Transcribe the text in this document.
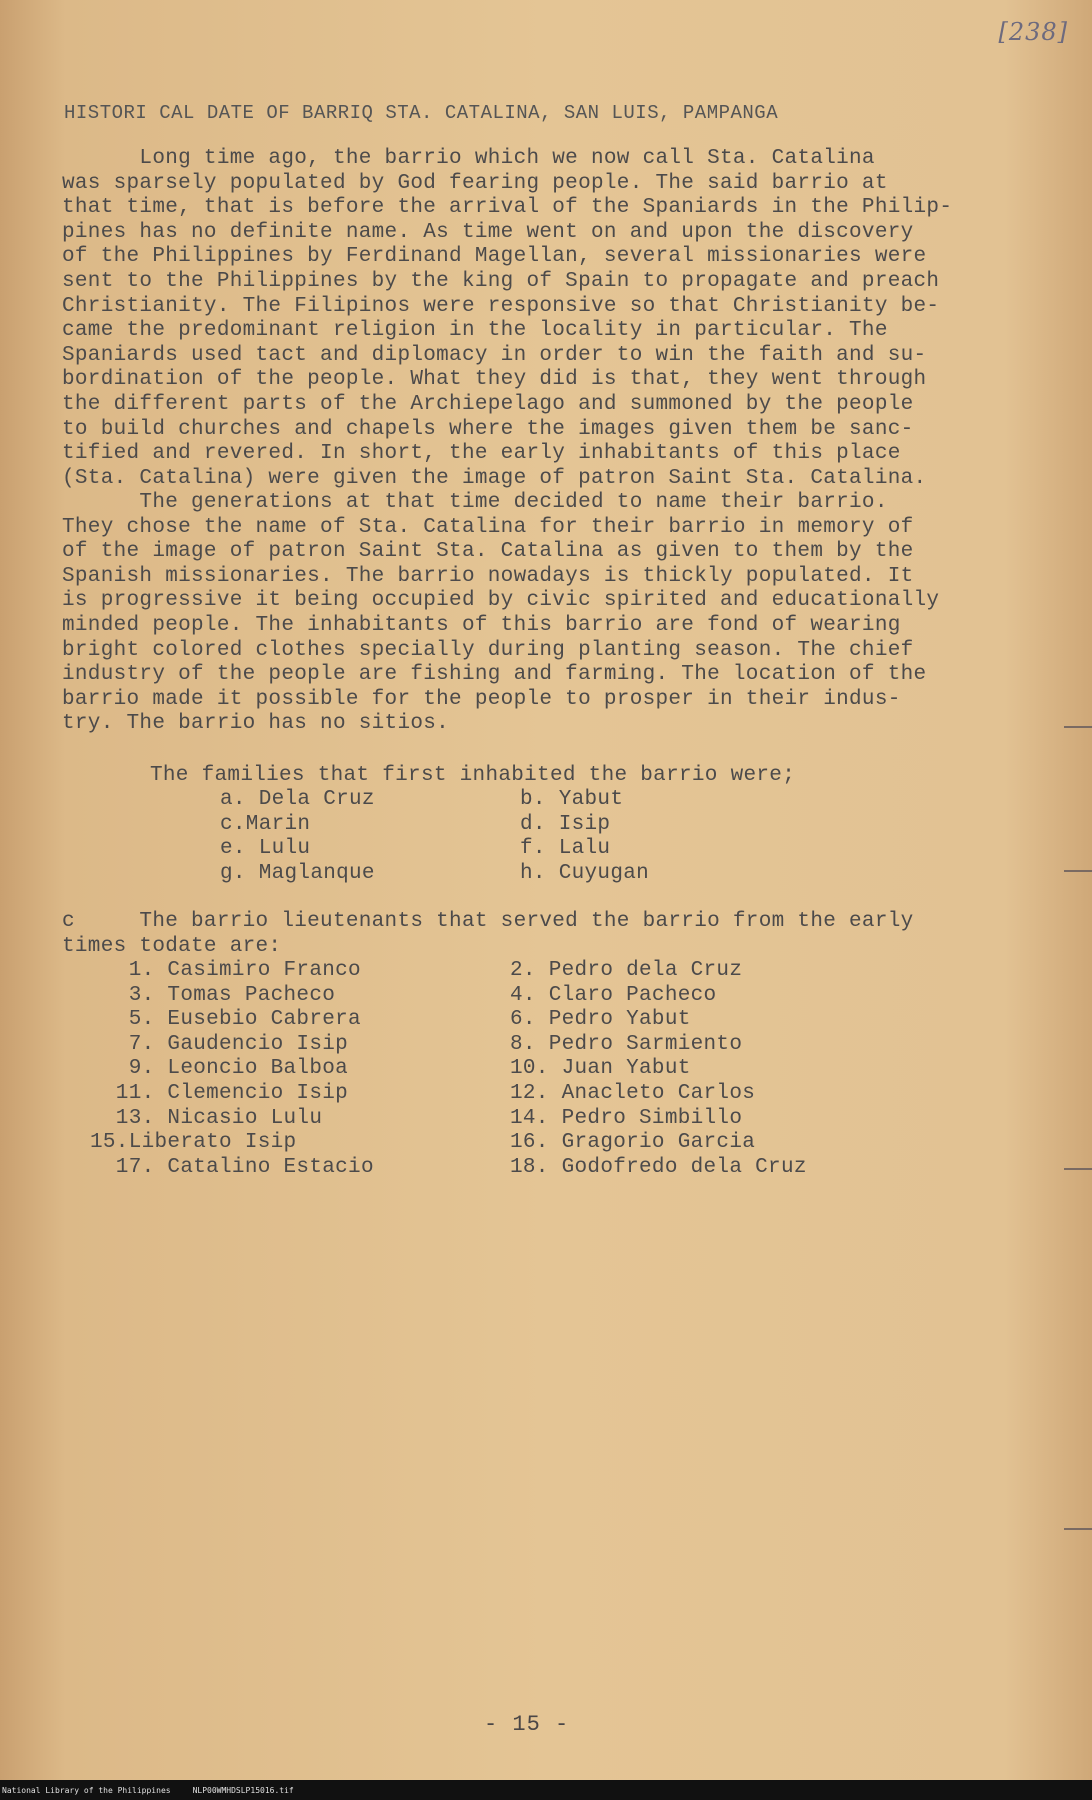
[238]
HISTORI CAL DATE OF BARRIQ STA. CATALINA, SAN LUIS, PAMPANGA
Long time ago, the barrio which we now call Sta. Catalina
was sparsely populated by God fearing people. The said barrio at
that time, that is before the arrival of the Spaniards in the Philip-
pines has no definite name. As time went on and upon the discovery
of the Philippines by Ferdinand Magellan, several missionaries were
sent to the Philippines by the king of Spain to propagate and preach
Christianity. The Filipinos were responsive so that Christianity be-
came the predominant religion in the locality in particular. The
Spaniards used tact and diplomacy in order to win the faith and su-
bordination of the people. What they did is that, they went through
the different parts of the Archiepelago and summoned by the people
to build churches and chapels where the images given them be sanc-
tified and revered. In short, the early inhabitants of this place
(Sta. Catalina) were given the image of patron Saint Sta. Catalina.
The generations at that time decided to name their barrio.
They chose the name of Sta. Catalina for their barrio in memory of
of the image of patron Saint Sta. Catalina as given to them by the
Spanish missionaries. The barrio nowadays is thickly populated. It
is progressive it being occupied by civic spirited and educationally
minded people. The inhabitants of this barrio are fond of wearing
bright colored clothes specially during planting season. The chief
industry of the people are fishing and farming. The location of the
barrio made it possible for the people to prosper in their indus-
try. The barrio has no sitios.
The families that first inhabited the barrio were;
a. Dela Cruz	b. Yabut
c.Marin	d. Isip
e. Lulu	f. Lalu
g. Maglanque	h. Cuyugan
c     The barrio lieutenants that served the barrio from the early
times todate are:
1. Casimiro Franco	2. Pedro dela Cruz
3. Tomas Pacheco	4. Claro Pacheco
5. Eusebio Cabrera	6. Pedro Yabut
7. Gaudencio Isip	8. Pedro Sarmiento
9. Leoncio Balboa	10. Juan Yabut
11. Clemencio Isip	12. Anacleto Carlos
13. Nicasio Lulu	14. Pedro Simbillo
15.Liberato Isip	16. Gragorio Garcia
17. Catalino Estacio	18. Godofredo dela Cruz
- 15 -
National Library of the Philippines	NLP00WMHDSLP15016.tif
